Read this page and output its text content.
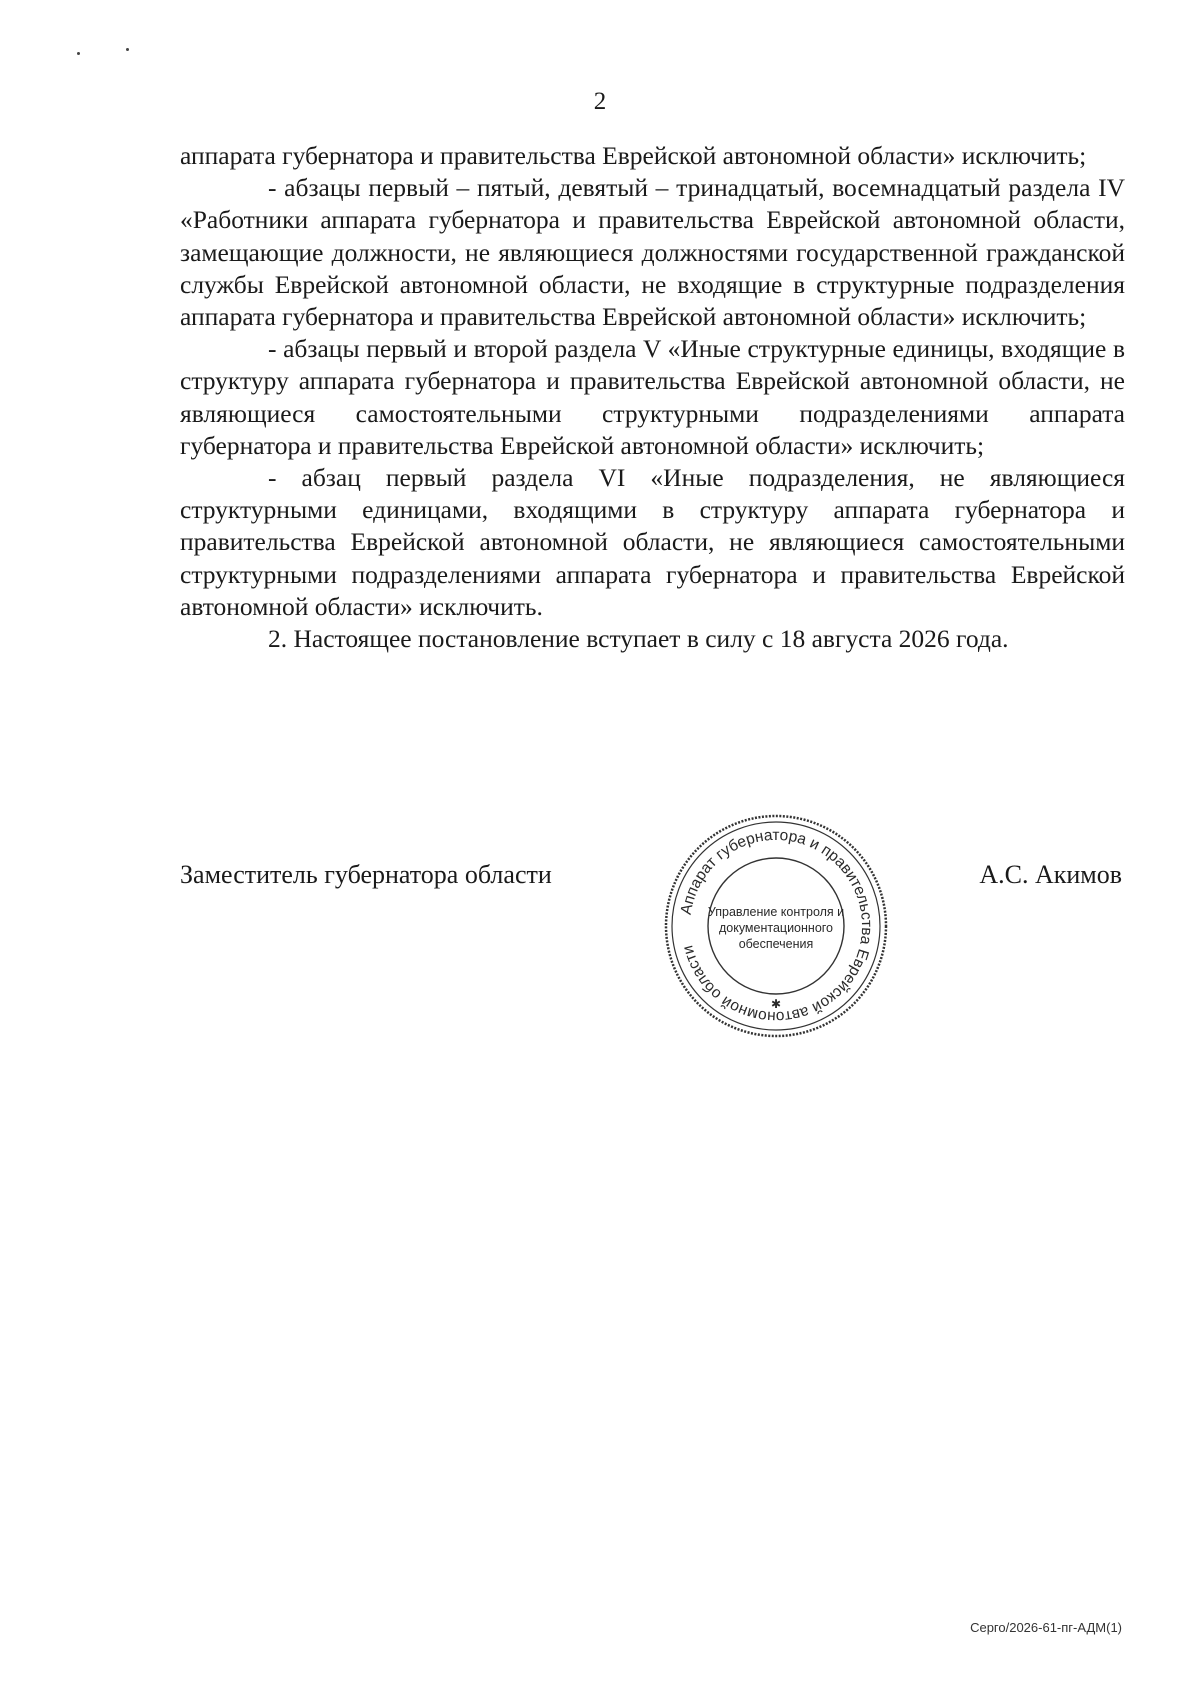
2

аппарата губернатора и правительства Еврейской автономной области» исключить;

- абзацы первый – пятый, девятый – тринадцатый, восемнадцатый раздела IV «Работники аппарата губернатора и правительства Еврейской автономной области, замещающие должности, не являющиеся должностями государственной гражданской службы Еврейской автономной области, не входящие в структурные подразделения аппарата губернатора и правительства Еврейской автономной области» исключить;

- абзацы первый и второй раздела V «Иные структурные единицы, входящие в структуру аппарата губернатора и правительства Еврейской автономной области, не являющиеся самостоятельными структурными подразделениями аппарата губернатора и правительства Еврейской автономной области» исключить;

- абзац первый раздела VI «Иные подразделения, не являющиеся структурными единицами, входящими в структуру аппарата губернатора и правительства Еврейской автономной области, не являющиеся самостоятельными структурными подразделениями аппарата губернатора и правительства Еврейской автономной области» исключить.

2. Настоящее постановление вступает в силу с 18 августа 2026 года.

Заместитель губернатора области
Аппарат губернатора и правительства Еврейской автономной области
✱
Управление контроля и документационного обеспечения
А.С. Акимов
Серго/2026-61-пг-АДМ(1)
